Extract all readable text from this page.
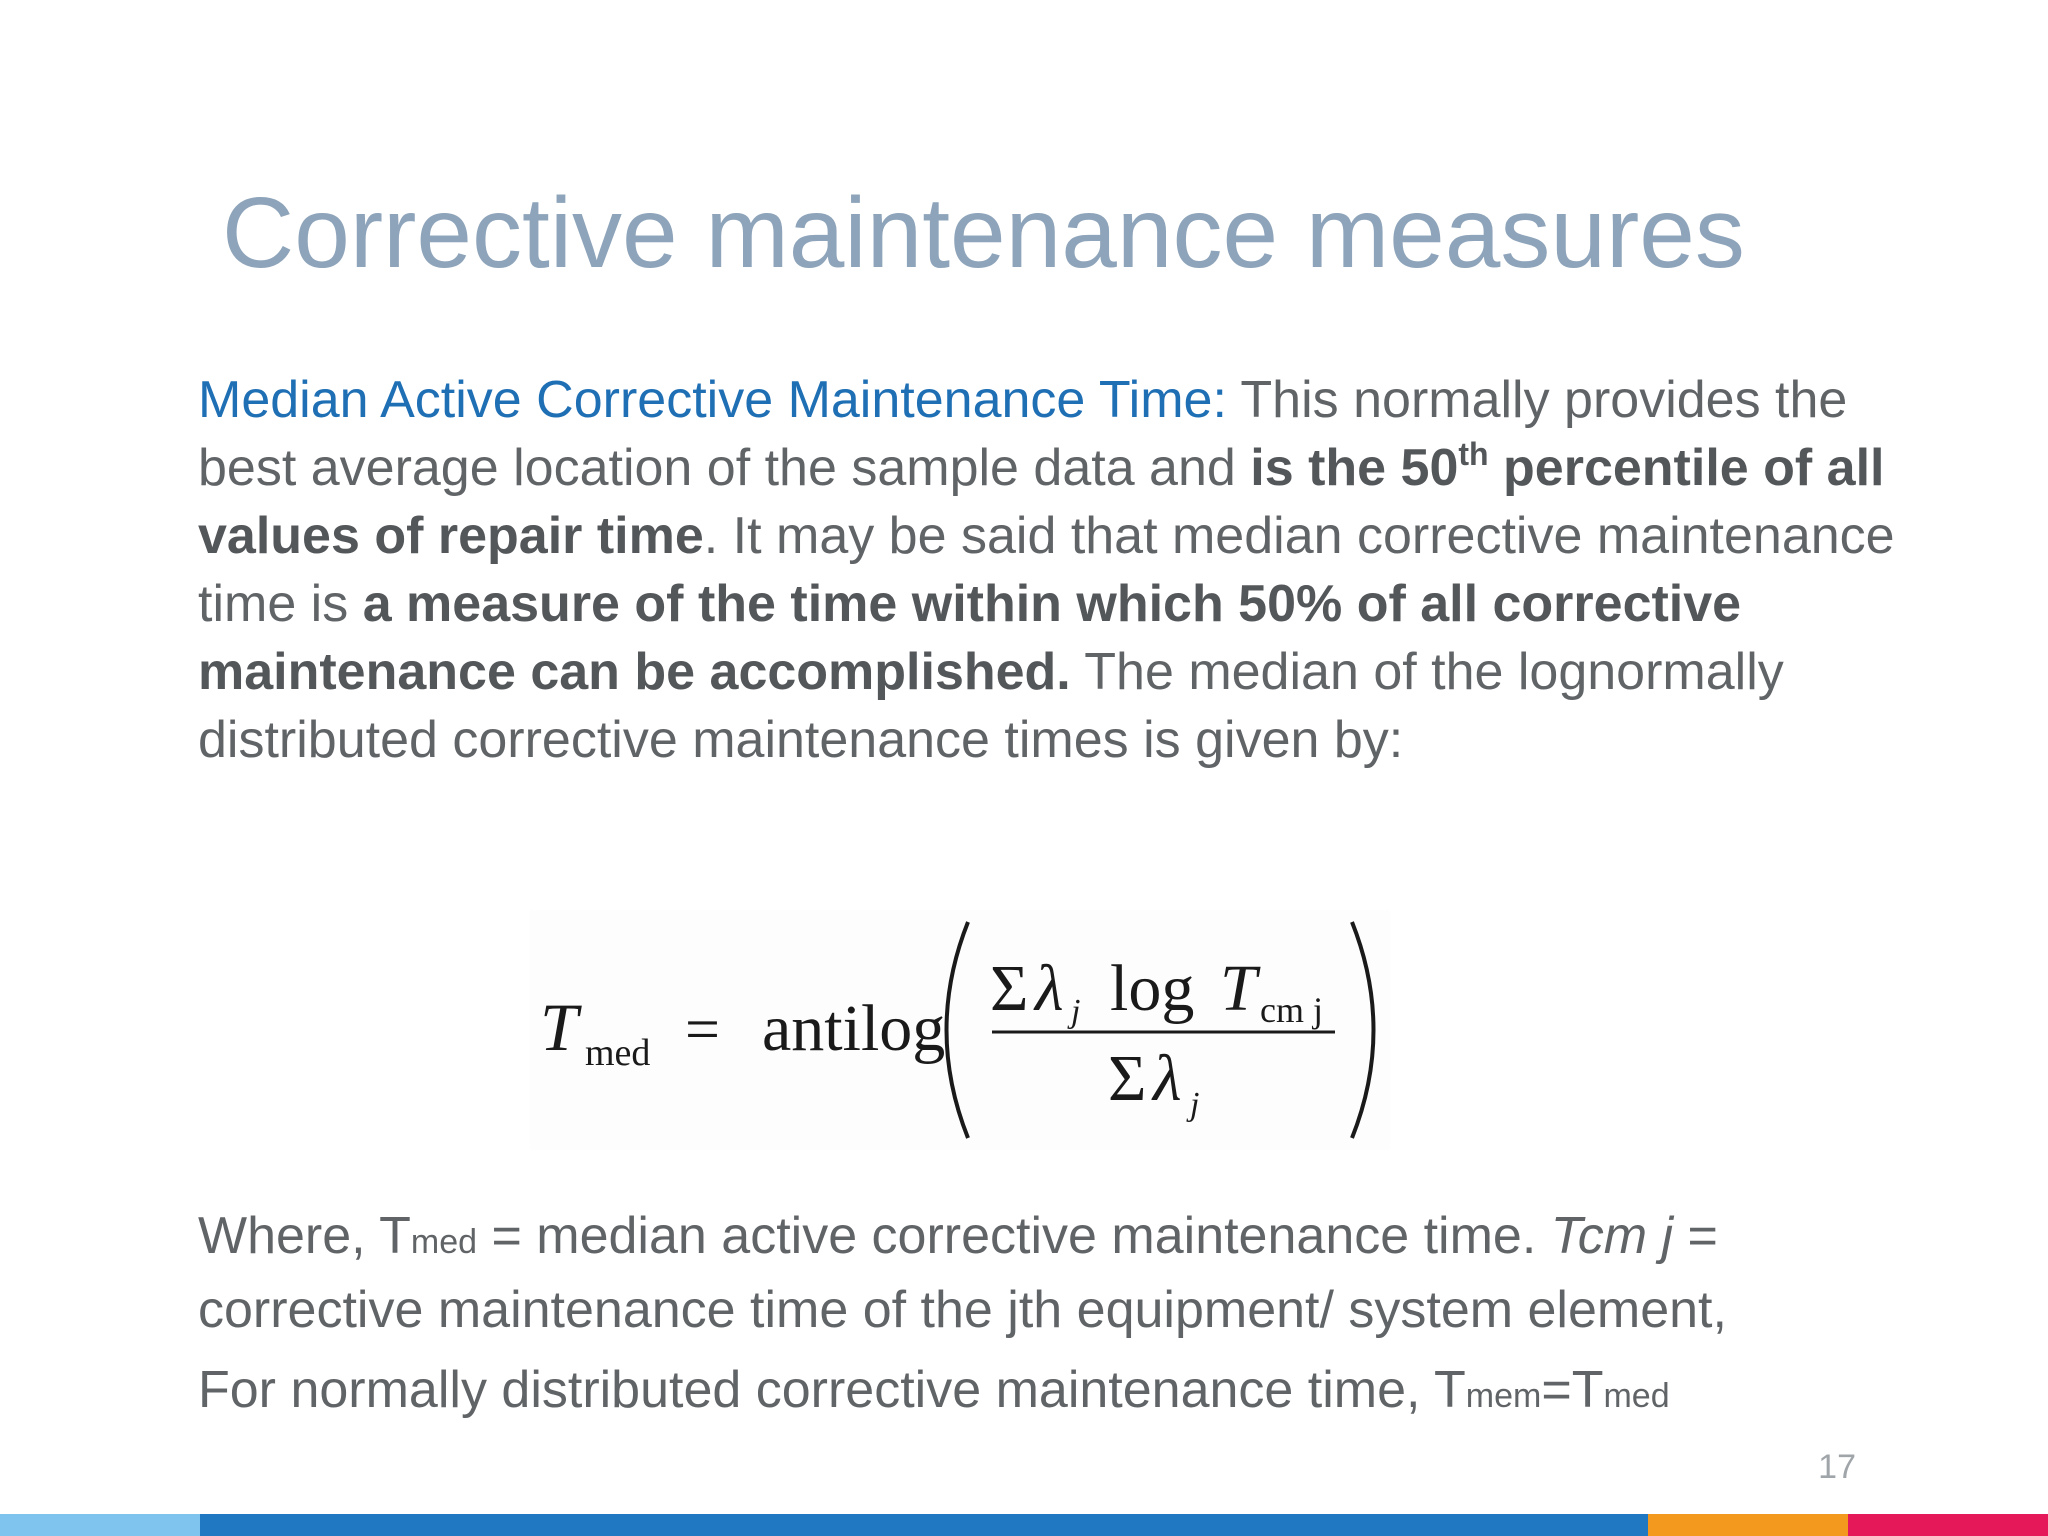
Corrective maintenance measures

Median Active Corrective Maintenance Time: This normally provides the best average location of the sample data and is the 50th percentile of all values of repair time. It may be said that median corrective maintenance time is a measure of the time within which 50% of all corrective maintenance can be accomplished. The median of the lognormally distributed corrective maintenance times is given by:

T med = antilog
Σ λ j log T cm j
Σ λ j

Where, Tmed = median active corrective maintenance time. Tcm j = corrective maintenance time of the jth equipment/ system element,

For normally distributed corrective maintenance time, Tmem=Tmed

17
